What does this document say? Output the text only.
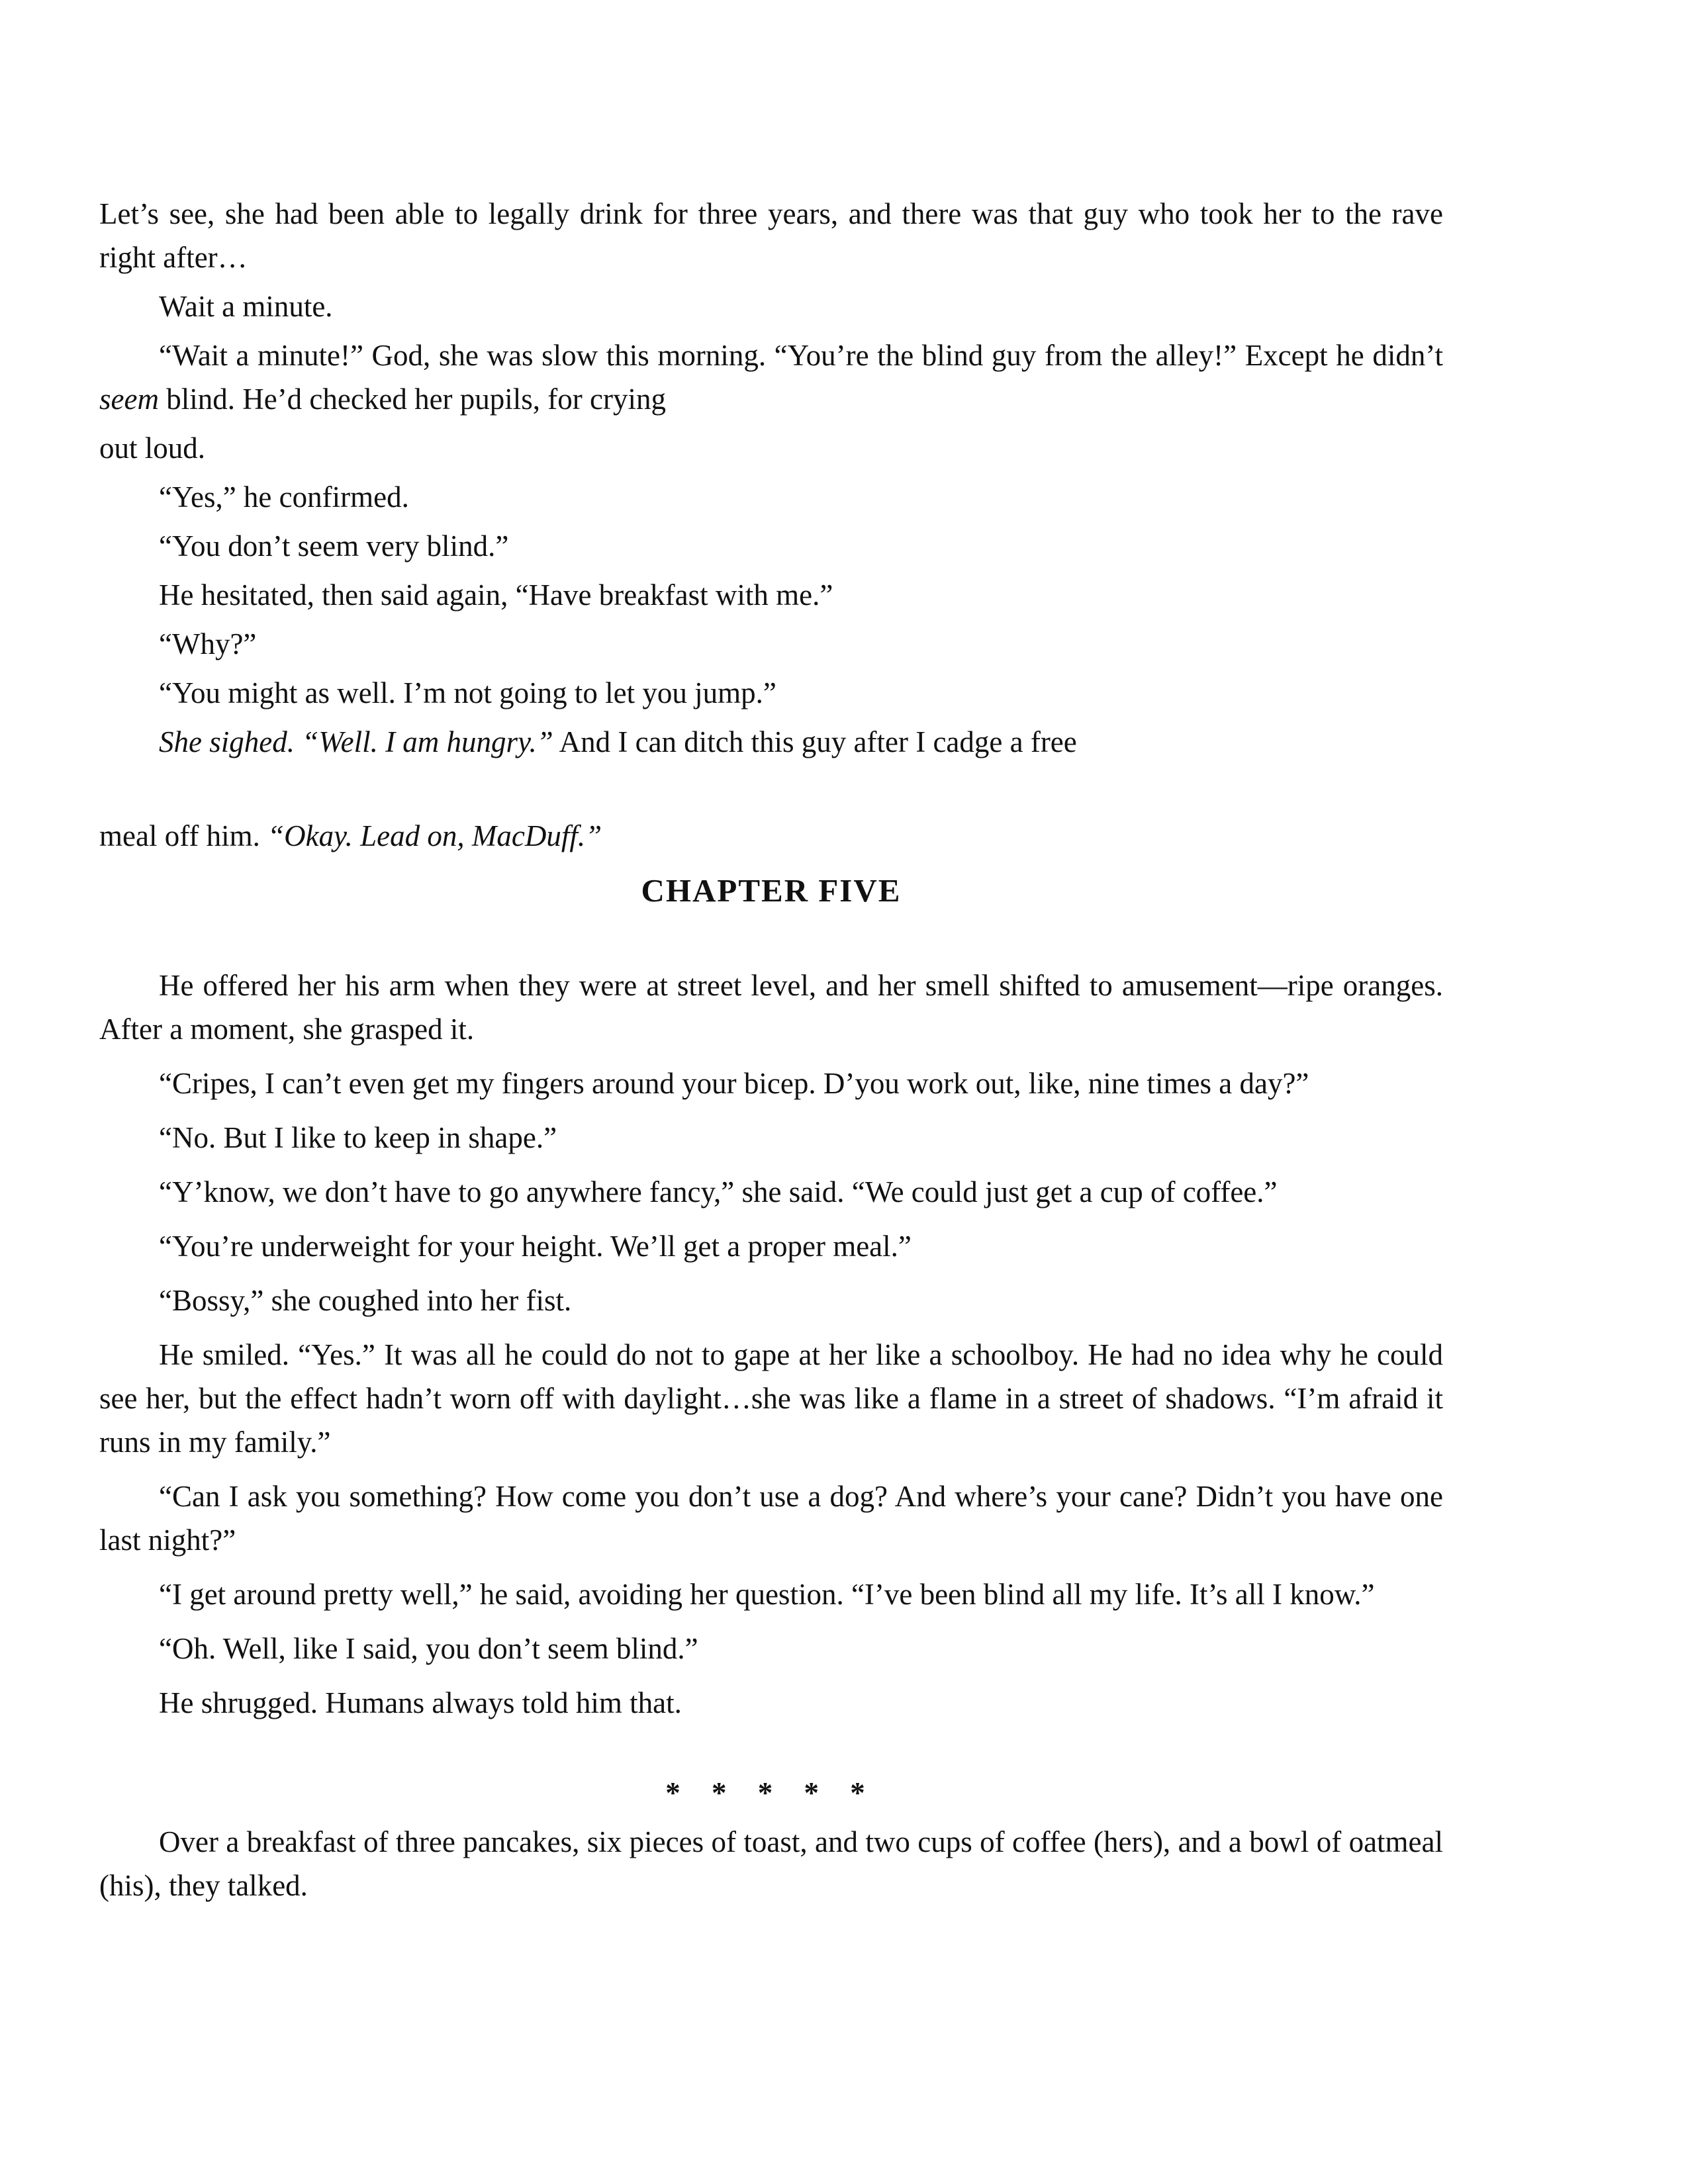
Let’s see, she had been able to legally drink for three years, and there was that guy who took her to the rave right after…

Wait a minute.

“Wait a minute!” God, she was slow this morning. “You’re the blind guy from the alley!” Except he didn’t seem blind. He’d checked her pupils, for crying

out loud.

“Yes,” he confirmed.

“You don’t seem very blind.”

He hesitated, then said again, “Have breakfast with me.”

“Why?”

“You might as well. I’m not going to let you jump.”

She sighed. “Well. I am hungry.” And I can ditch this guy after I cadge a free

meal off him. “Okay. Lead on, MacDuff.”

CHAPTER FIVE

He offered her his arm when they were at street level, and her smell shifted to amusement—ripe oranges. After a moment, she grasped it.

“Cripes, I can’t even get my fingers around your bicep. D’you work out, like, nine times a day?”

“No. But I like to keep in shape.”

“Y’know, we don’t have to go anywhere fancy,” she said. “We could just get a cup of coffee.”

“You’re underweight for your height. We’ll get a proper meal.”

“Bossy,” she coughed into her fist.

He smiled. “Yes.” It was all he could do not to gape at her like a schoolboy. He had no idea why he could see her, but the effect hadn’t worn off with daylight…she was like a flame in a street of shadows. “I’m afraid it runs in my family.”

“Can I ask you something? How come you don’t use a dog? And where’s your cane? Didn’t you have one last night?”

“I get around pretty well,” he said, avoiding her question. “I’ve been blind all my life. It’s all I know.”

“Oh. Well, like I said, you don’t seem blind.”

He shrugged. Humans always told him that.

* * * * *

Over a breakfast of three pancakes, six pieces of toast, and two cups of coffee (hers), and a bowl of oatmeal (his), they talked.
